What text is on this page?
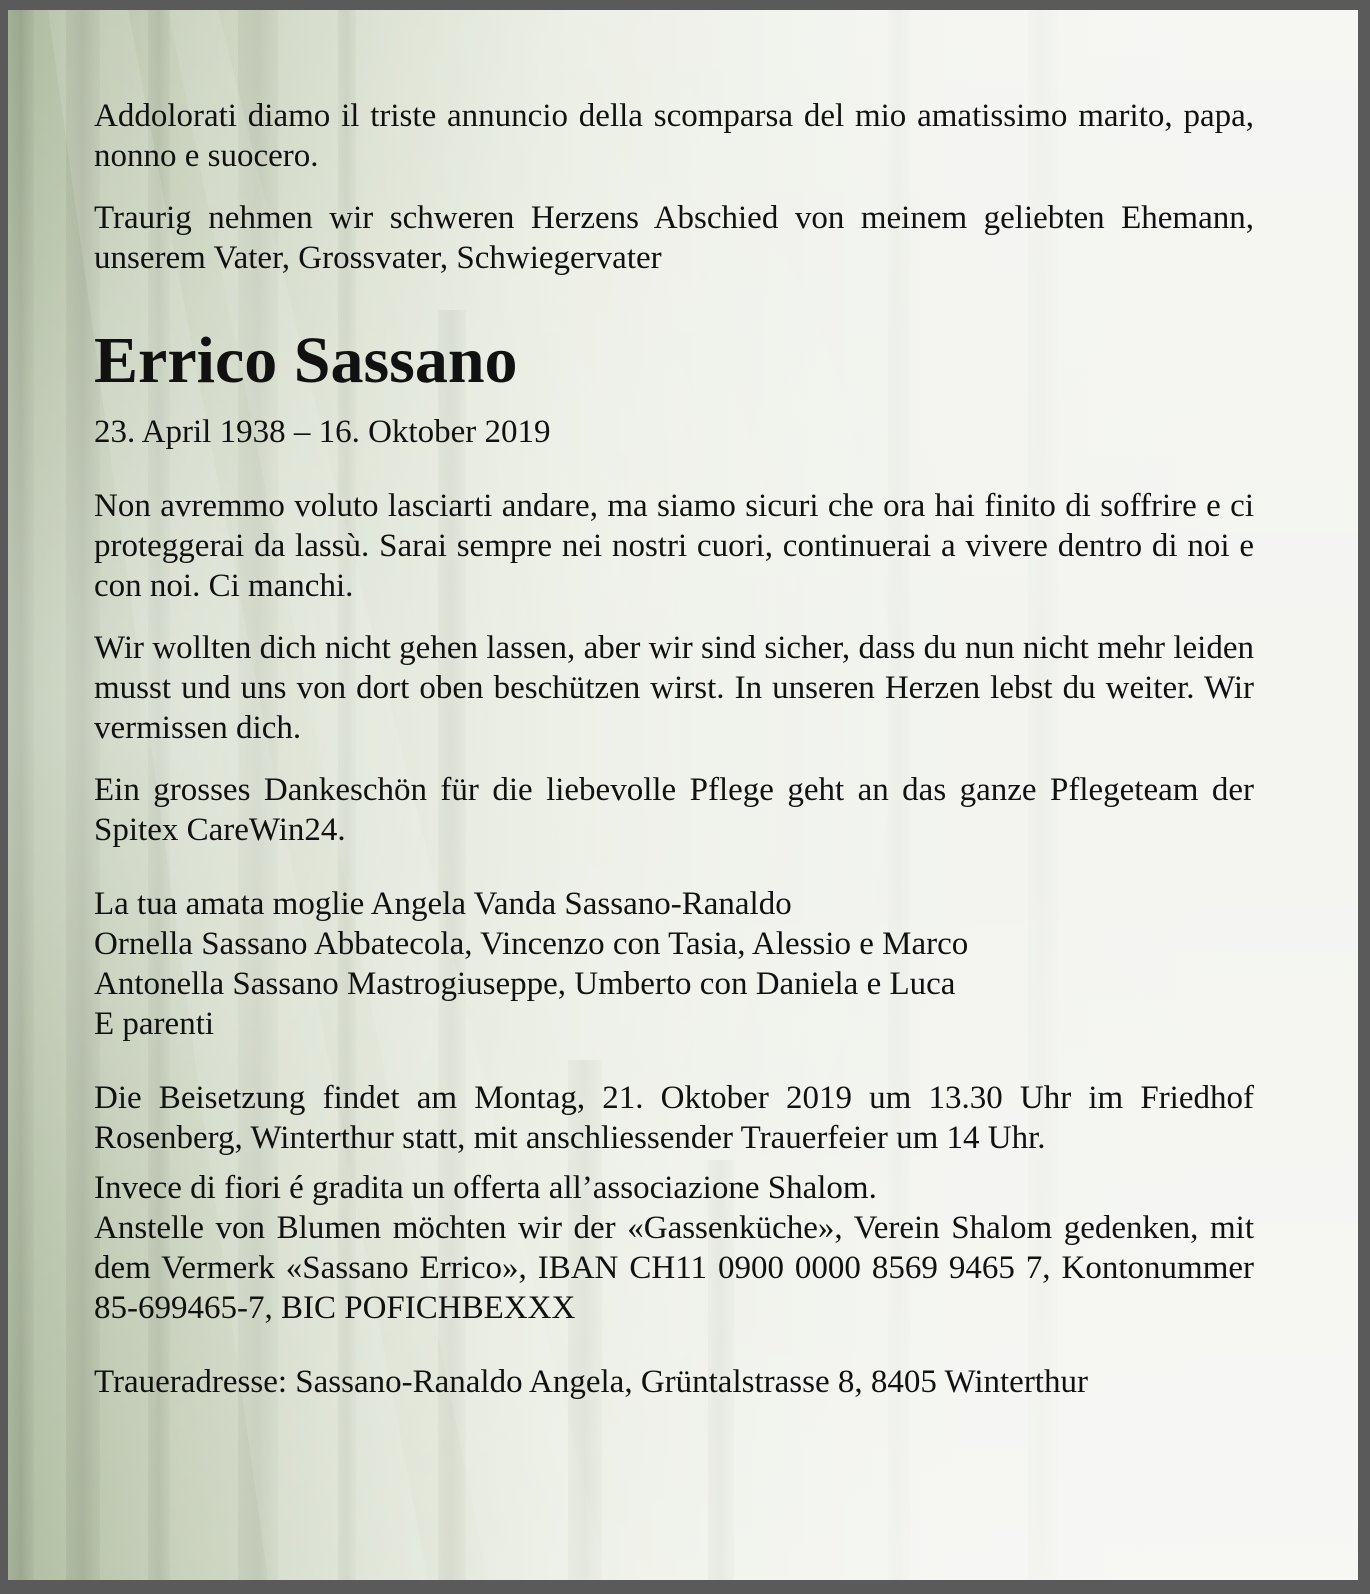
Addolorati diamo il triste annuncio della scomparsa del mio amatissimo marito, papa, nonno e suocero.

Traurig nehmen wir schweren Herzens Abschied von meinem geliebten Ehemann, unserem Vater, Grossvater, Schwiegervater

Errico Sassano

23. April 1938 – 16. Oktober 2019

Non avremmo voluto lasciarti andare, ma siamo sicuri che ora hai finito di soffrire e ci proteggerai da lassù. Sarai sempre nei nostri cuori, continuerai a vivere dentro di noi e con noi. Ci manchi.

Wir wollten dich nicht gehen lassen, aber wir sind sicher, dass du nun nicht mehr leiden musst und uns von dort oben beschützen wirst. In unseren Herzen lebst du weiter. Wir vermissen dich.

Ein grosses Dankeschön für die liebevolle Pflege geht an das ganze Pflegeteam der Spitex CareWin24.

La tua amata moglie Angela Vanda Sassano-Ranaldo

Ornella Sassano Abbatecola, Vincenzo con Tasia, Alessio e Marco

Antonella Sassano Mastrogiuseppe, Umberto con Daniela e Luca

E parenti

Die Beisetzung findet am Montag, 21. Oktober 2019 um 13.30 Uhr im Friedhof Rosenberg, Winterthur statt, mit anschliessender Trauerfeier um 14 Uhr.

Invece di fiori é gradita un offerta all’associazione Shalom.

Anstelle von Blumen möchten wir der «Gassenküche», Verein Shalom gedenken, mit dem Vermerk «Sassano Errico», IBAN CH11 0900 0000 8569 9465 7, Kontonummer 85-699465-7, BIC POFICHBEXXX

Traueradresse: Sassano-Ranaldo Angela, Grüntalstrasse 8, 8405 Winterthur
